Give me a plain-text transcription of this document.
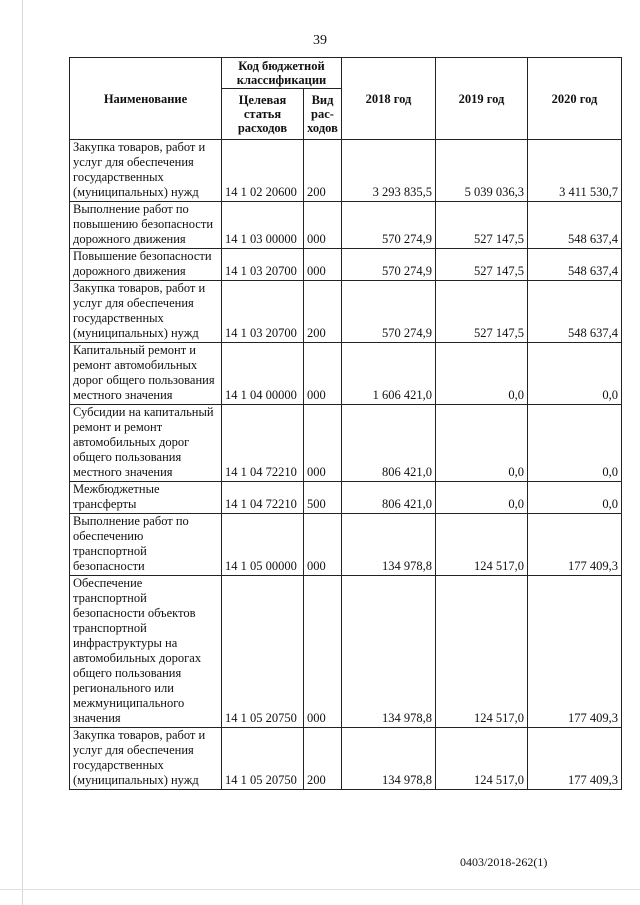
39
Наименование	Код бюджетной классификации		2018 год	2019 год	2020 год
	Целевая статья расходов	Вид рас-ходов			
Закупка товаров, работ и услуг для обеспечения государственных (муниципальных) нужд	14 1 02 20600	200	3 293 835,5	5 039 036,3	3 411 530,7
Выполнение работ по повышению безопасности дорожного движения	14 1 03 00000	000	570 274,9	527 147,5	548 637,4
Повышение безопасности дорожного движения	14 1 03 20700	000	570 274,9	527 147,5	548 637,4
Закупка товаров, работ и услуг для обеспечения государственных (муниципальных) нужд	14 1 03 20700	200	570 274,9	527 147,5	548 637,4
Капитальный ремонт и ремонт автомобильных дорог общего пользования местного значения	14 1 04 00000	000	1 606 421,0	0,0	0,0
Субсидии на капитальный ремонт и ремонт автомобильных дорог общего пользования местного значения	14 1 04 72210	000	806 421,0	0,0	0,0
Межбюджетные трансферты	14 1 04 72210	500	806 421,0	0,0	0,0
Выполнение работ по обеспечению транспортной безопасности	14 1 05 00000	000	134 978,8	124 517,0	177 409,3
Обеспечение транспортной безопасности объектов транспортной инфраструктуры на автомобильных дорогах общего пользования регионального или межмуниципального значения	14 1 05 20750	000	134 978,8	124 517,0	177 409,3
Закупка товаров, работ и услуг для обеспечения государственных (муниципальных) нужд	14 1 05 20750	200	134 978,8	124 517,0	177 409,3
0403/2018-262(1)
